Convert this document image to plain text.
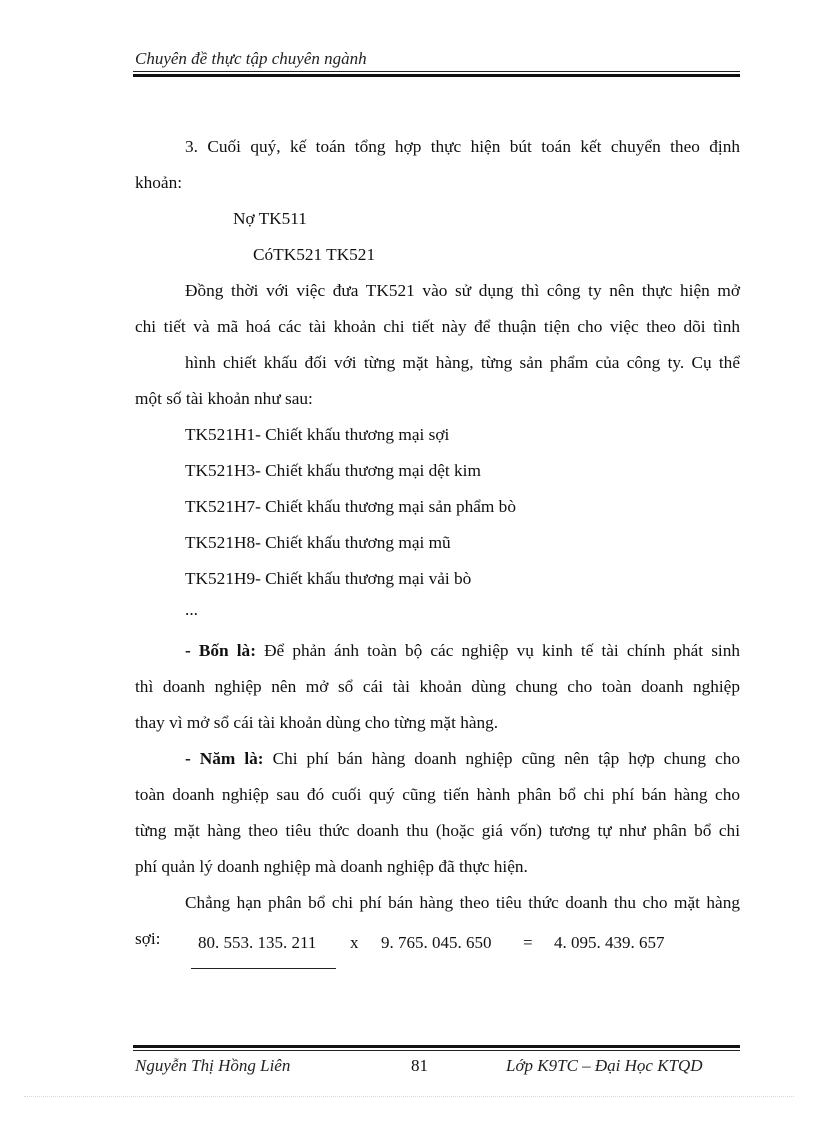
Chuyên đề thực tập chuyên ngành
3. Cuối quý, kế toán tổng hợp thực hiện bút toán kết chuyển theo định
khoản:
Nợ TK511
CóTK521 TK521
Đồng thời với việc đưa TK521 vào sử dụng thì công ty nên thực hiện mở
chi tiết và mã hoá các tài khoản chi tiết này để thuận tiện cho việc theo dõi tình
hình chiết khấu đối với từng mặt hàng, từng sản phẩm của công ty. Cụ thể
một số tài khoản như sau:
TK521H1- Chiết khấu thương mại sợi
TK521H3- Chiết khấu thương mại dệt kim
TK521H7- Chiết khấu thương mại sản phẩm bò
TK521H8- Chiết khấu thương mại mũ
TK521H9- Chiết khấu thương mại vải bò
...
- Bốn là: Để phản ánh toàn bộ các nghiệp vụ kinh tế tài chính phát sinh
thì doanh nghiệp nên mở sổ cái tài khoản dùng chung cho toàn doanh nghiệp
thay vì mở sổ cái tài khoản dùng cho từng mặt hàng.
- Năm là: Chi phí bán hàng doanh nghiệp cũng nên tập hợp chung cho
toàn doanh nghiệp sau đó cuối quý cũng tiến hành phân bổ chi phí bán hàng cho
từng mặt hàng theo tiêu thức doanh thu (hoặc giá vốn) tương tự như phân bổ chi
phí quản lý doanh nghiệp mà doanh nghiệp đã thực hiện.
Chẳng hạn phân bổ chi phí bán hàng theo tiêu thức doanh thu cho mặt hàng
sợi: 80. 553. 135. 211 x 9. 765. 045. 650 = 4. 095. 439. 657
Nguyễn Thị Hồng Liên	81	Lớp K9TC – Đại Học KTQD
